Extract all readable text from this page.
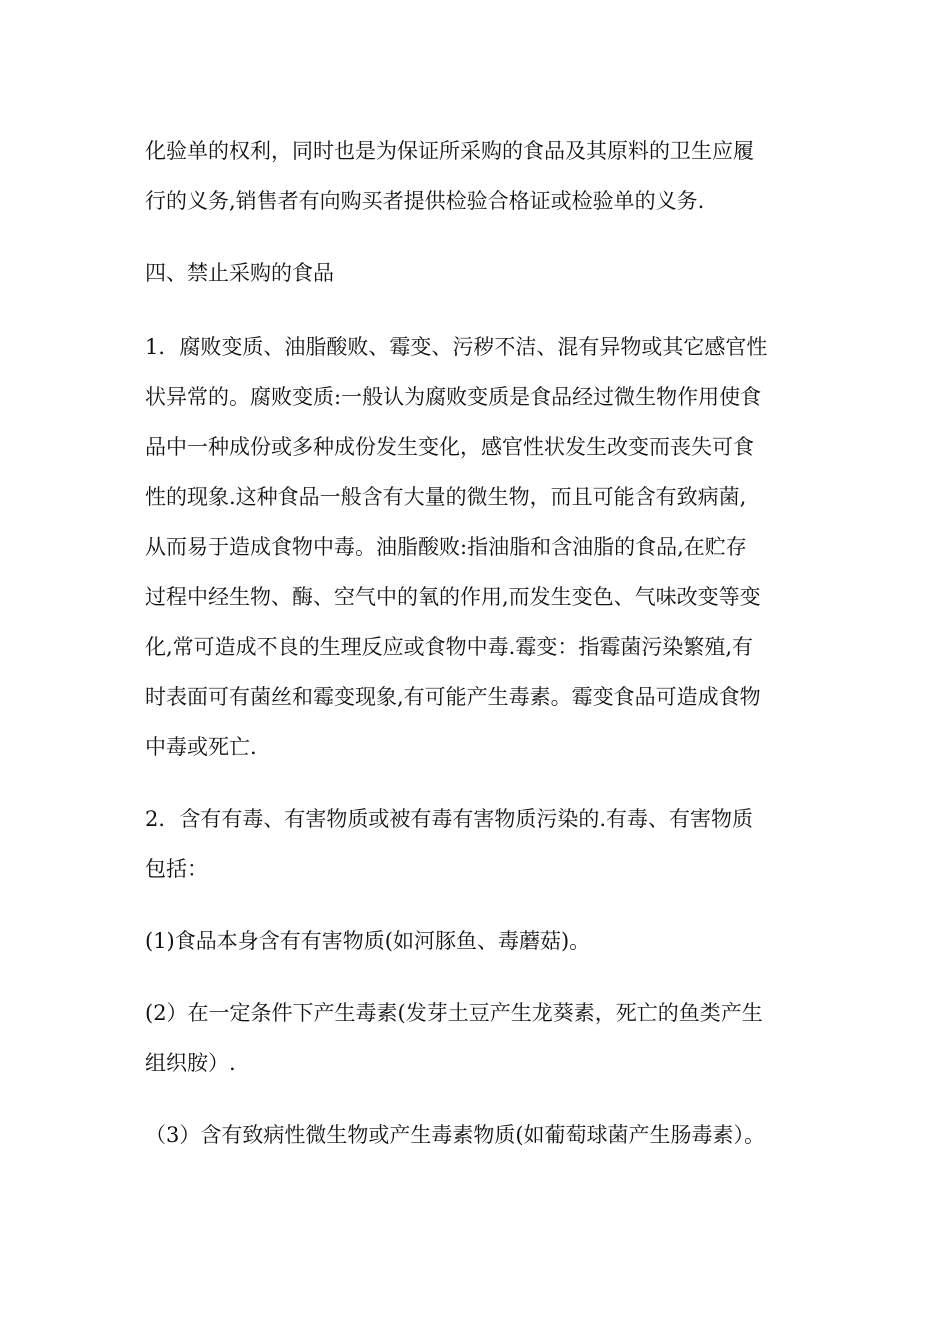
化验单的权利，同时也是为保证所采购的食品及其原料的卫生应履

行的义务,销售者有向购买者提供检验合格证或检验单的义务.

四、禁止采购的食品

1．腐败变质、油脂酸败、霉变、污秽不洁、混有异物或其它感官性

状异常的。腐败变质:一般认为腐败变质是食品经过微生物作用使食

品中一种成份或多种成份发生变化，感官性状发生改变而丧失可食

性的现象.这种食品一般含有大量的微生物，而且可能含有致病菌,

从而易于造成食物中毒。油脂酸败:指油脂和含油脂的食品,在贮存

过程中经生物、酶、空气中的氧的作用,而发生变色、气味改变等变

化,常可造成不良的生理反应或食物中毒.霉变：指霉菌污染繁殖,有

时表面可有菌丝和霉变现象,有可能产生毒素。霉变食品可造成食物

中毒或死亡.

2．含有有毒、有害物质或被有毒有害物质污染的.有毒、有害物质

包括：

(1)食品本身含有有害物质(如河豚鱼、毒蘑菇)。

(2）在一定条件下产生毒素(发芽土豆产生龙葵素，死亡的鱼类产生

组织胺）.

（3）含有致病性微生物或产生毒素物质(如葡萄球菌产生肠毒素）。
